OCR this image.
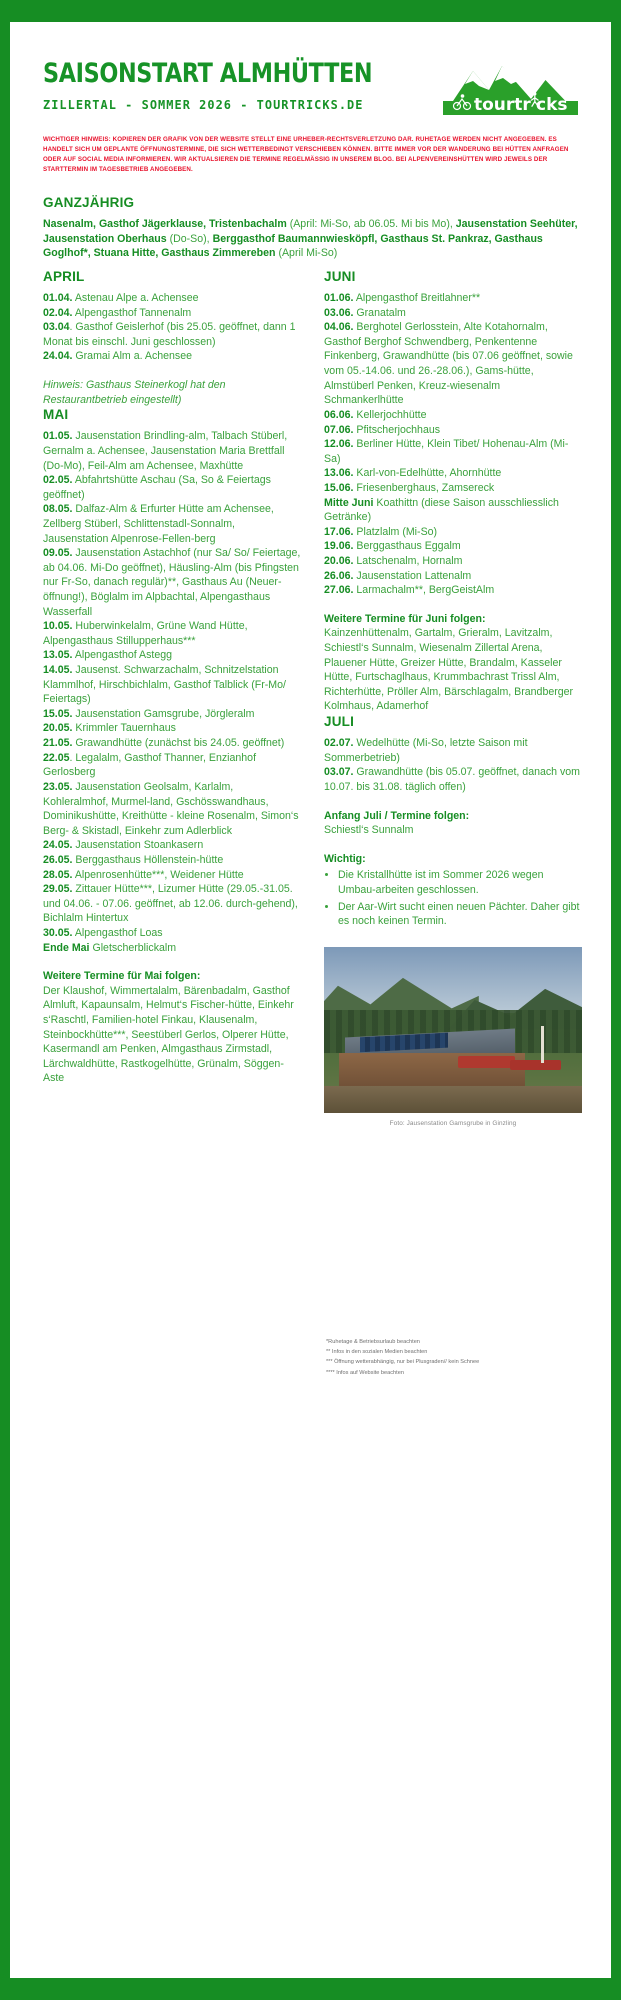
SAISONSTART ALMHÜTTEN
ZILLERTAL - SOMMER 2026 - TOURTRICKS.DE	tourtr cks
WICHTIGER HINWEIS: KOPIEREN DER GRAFIK VON DER WEBSITE STELLT EINE URHEBER-RECHTSVERLETZUNG DAR. RUHETAGE WERDEN NICHT ANGEGEBEN. ES HANDELT SICH UM GEPLANTE ÖFFNUNGSTERMINE, DIE SICH WETTERBEDINGT VERSCHIEBEN KÖNNEN. BITTE IMMER VOR DER WANDERUNG BEI HÜTTEN ANFRAGEN ODER AUF SOCIAL MEDIA INFORMIEREN. WIR AKTUALSIEREN DIE TERMINE REGELMÄSSIG IN UNSEREM BLOG. BEI ALPENVEREINSHÜTTEN WIRD JEWEILS DER STARTTERMIN IM TAGESBETRIEB ANGEGEBEN.
GANZJÄHRIG
Nasenalm, Gasthof Jägerklause, Tristenbachalm (April: Mi-So, ab 06.05. Mi bis Mo), Jausenstation Seehüter, Jausenstation Oberhaus (Do-So), Berggasthof Baumannwiesköpfl, Gasthaus St. Pankraz, Gasthaus Goglhof*, Stuana Hitte, Gasthaus Zimmereben (April Mi-So)
APRIL
01.04. Astenau Alpe a. Achensee
02.04. Alpengasthof Tannenalm
03.04. Gasthof Geislerhof (bis 25.05. geöffnet, dann 1 Monat bis einschl. Juni geschlossen)
24.04. Gramai Alm a. Achensee
Hinweis: Gasthaus Steinerkogl hat den Restaurantbetrieb eingestellt)
MAI
01.05. Jausenstation Brindling-alm, Talbach Stüberl, Gernalm a. Achensee, Jausenstation Maria Brettfall (Do-Mo), Feil-Alm am Achensee, Maxhütte
02.05. Abfahrtshütte Aschau (Sa, So & Feiertags geöffnet)
08.05. Dalfaz-Alm & Erfurter Hütte am Achensee, Zellberg Stüberl, Schlittenstadl-Sonnalm, Jausenstation Alpenrose-Fellen-berg
09.05. Jausenstation Astachhof (nur Sa/ So/ Feiertage, ab 04.06. Mi-Do geöffnet), Häusling-Alm (bis Pfingsten nur Fr-So, danach regulär)**, Gasthaus Au (Neuer-öffnung!), Böglalm im Alpbachtal, Alpengasthaus Wasserfall
10.05. Huberwinkelalm, Grüne Wand Hütte, Alpengasthaus Stillupperhaus***
13.05. Alpengasthof Astegg
14.05. Jausenst. Schwarzachalm, Schnitzelstation Klammlhof, Hirschbichlalm, Gasthof Talblick (Fr-Mo/ Feiertags)
15.05. Jausenstation Gamsgrube, Jörgleralm
20.05. Krimmler Tauernhaus
21.05. Grawandhütte (zunächst bis 24.05. geöffnet)
22.05. Legalalm, Gasthof Thanner, Enzianhof Gerlosberg
23.05. Jausenstation Geolsalm, Karlalm, Kohleralmhof, Murmel-land, Gschösswandhaus, Dominikushütte, Kreithütte - kleine Rosenalm, Simon‘s Berg- & Skistadl, Einkehr zum Adlerblick
24.05. Jausenstation Stoankasern
26.05. Berggasthaus Höllenstein-hütte
28.05. Alpenrosenhütte***, Weidener Hütte
29.05. Zittauer Hütte***, Lizumer Hütte (29.05.-31.05. und 04.06. - 07.06. geöffnet, ab 12.06. durch-gehend), Bichlalm Hintertux
30.05. Alpengasthof Loas
Ende Mai Gletscherblickalm
Weitere Termine für Mai folgen:
Der Klaushof, Wimmertalalm, Bärenbadalm, Gasthof Almluft, Kapaunsalm, Helmut‘s Fischer-hütte, Einkehr s‘Raschtl, Familien-hotel Finkau, Klausenalm, Steinbockhütte***, Seestüberl Gerlos, Olperer Hütte, Kasermandl am Penken, Almgasthaus Zirmstadl, Lärchwaldhütte, Rastkogelhütte, Grünalm, Söggen-Aste
JUNI
01.06. Alpengasthof Breitlahner**
03.06. Granatalm
04.06. Berghotel Gerlosstein, Alte Kotahornalm, Gasthof Berghof Schwendberg, Penkentenne Finkenberg, Grawandhütte (bis 07.06 geöffnet, sowie vom 05.-14.06. und 26.-28.06.), Gams-hütte, Almstüberl Penken, Kreuz-wiesenalm Schmankerlhütte
06.06. Kellerjochhütte
07.06. Pfitscherjochhaus
12.06. Berliner Hütte, Klein Tibet/ Hohenau-Alm (Mi-Sa)
13.06. Karl-von-Edelhütte, Ahornhütte
15.06. Friesenberghaus, Zamsereck
Mitte Juni Koathittn (diese Saison ausschliesslich Getränke)
17.06. Platzlalm (Mi-So)
19.06. Berggasthaus Eggalm
20.06. Latschenalm, Hornalm
26.06. Jausenstation Lattenalm
27.06. Larmachalm**, BergGeistAlm
Weitere Termine für Juni folgen:
Kainzenhüttenalm, Gartalm, Grieralm, Lavitzalm, Schiestl‘s Sunnalm, Wiesenalm Zillertal Arena, Plauener Hütte, Greizer Hütte, Brandalm, Kasseler Hütte, Furtschaglhaus, Krummbachrast Trissl Alm, Richterhütte, Pröller Alm, Bärschlagalm, Brandberger Kolmhaus, Adamerhof
JULI
02.07. Wedelhütte (Mi-So, letzte Saison mit Sommerbetrieb)
03.07. Grawandhütte (bis 05.07. geöffnet, danach vom 10.07. bis 31.08. täglich offen)
Anfang Juli / Termine folgen:
Schiestl‘s Sunnalm
Wichtig:
• Die Kristallhütte ist im Sommer 2026 wegen Umbau-arbeiten geschlossen.
• Der Aar-Wirt sucht einen neuen Pächter. Daher gibt es noch keinen Termin.
Foto: Jausenstation Gamsgrube in Ginzling
*Ruhetage & Betriebsurlaub beachten
** Infos in den sozialen Medien beachten
*** Öffnung wetterabhängig, nur bei Plusgraden// kein Schnee
**** Infos auf Website beachten
